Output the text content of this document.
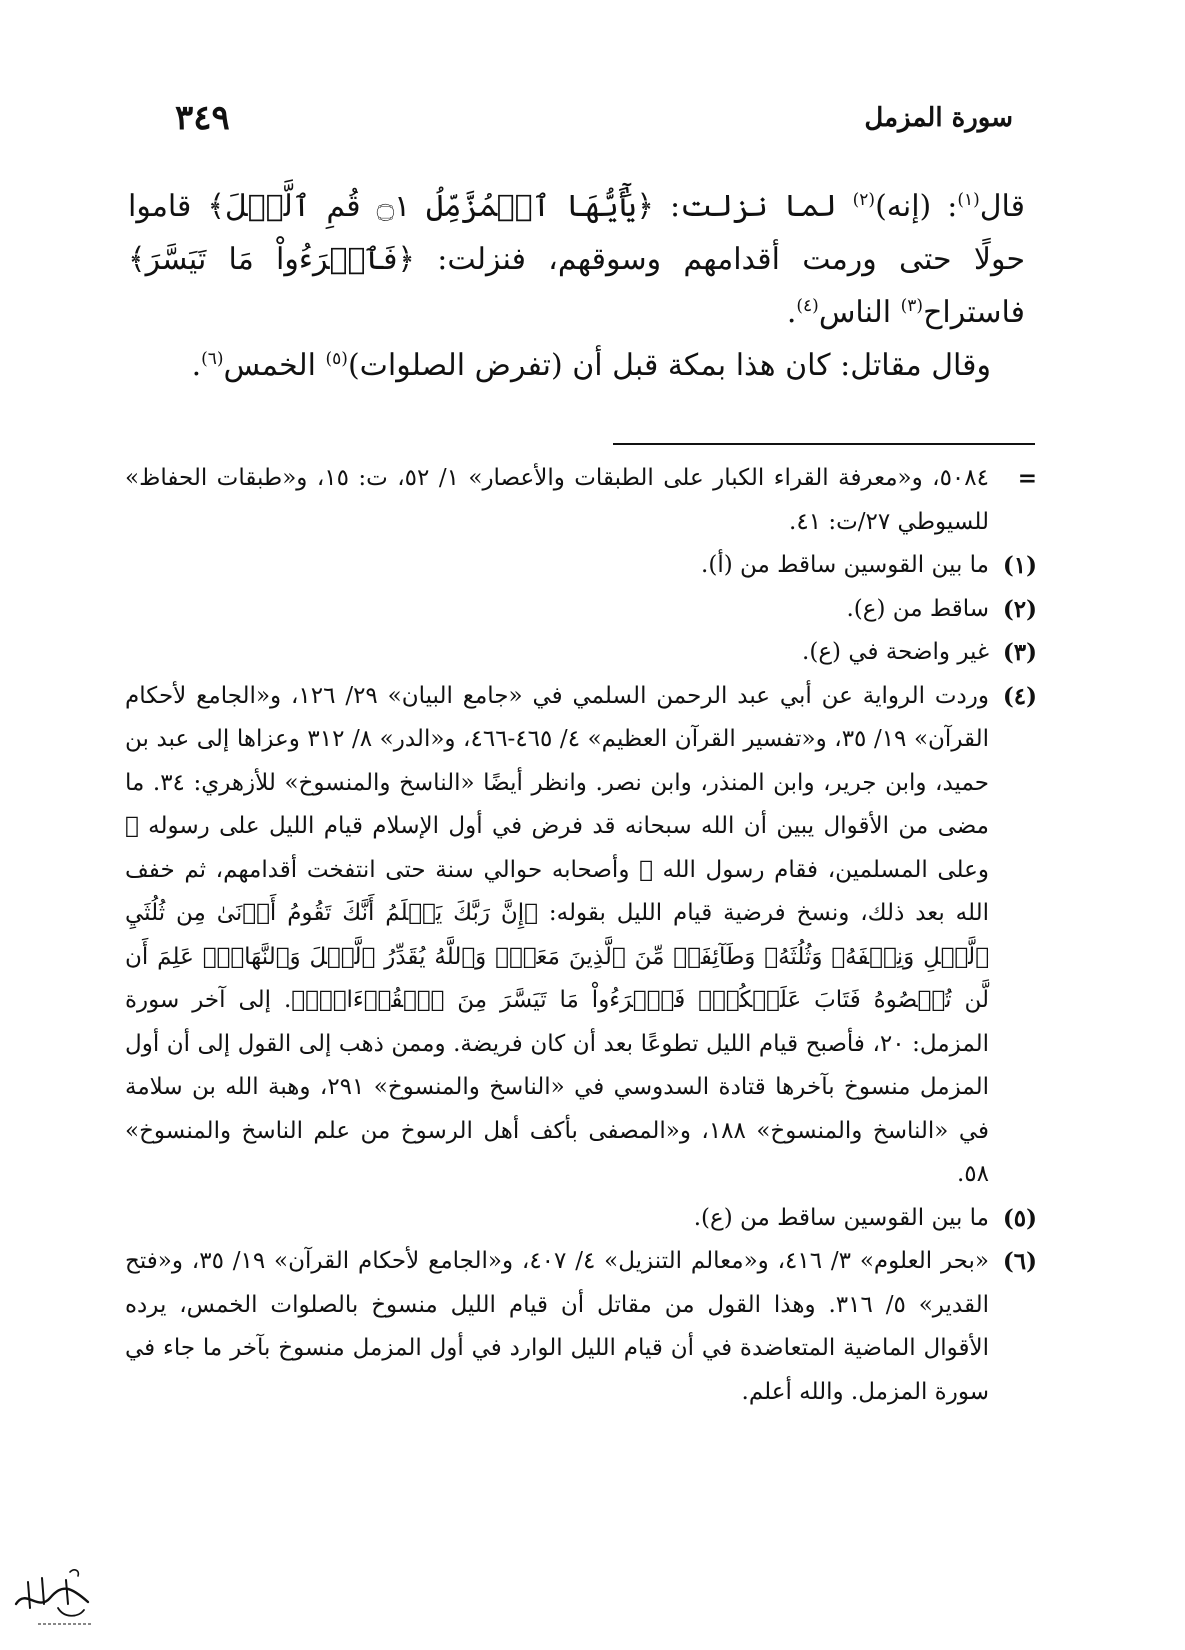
سورة المزمل
٣٤٩

قال$^{(١)}$: (إنه)$^{(٢)}$ لما نزلت: ﴿يَٰٓأَيُّهَا ٱلۡمُزَّمِّلُ ۝١ قُمِ ٱلَّيۡلَ﴾ قاموا حولًا حتى ورمت أقدامهم وسوقهم، فنزلت: ﴿فَٱقۡرَءُواْ مَا تَيَسَّرَ﴾ فاستراح$^{(٣)}$ الناس$^{(٤)}$.

وقال مقاتل: كان هذا بمكة قبل أن (تفرض الصلوات)$^{(٥)}$ الخمس$^{(٦)}$.

=
٥٠٨٤، و«معرفة القراء الكبار على الطبقات والأعصار» ١/ ٥٢، ت: ١٥، و«طبقات الحفاظ» للسيوطي ٢٧/ت: ٤١.

(١)
ما بين القوسين ساقط من (أ).

(٢)
ساقط من (ع).

(٣)
غير واضحة في (ع).

(٤)
وردت الرواية عن أبي عبد الرحمن السلمي في «جامع البيان» ٢٩/ ١٢٦، و«الجامع لأحكام القرآن» ١٩/ ٣٥، و«تفسير القرآن العظيم» ٤/ ٤٦٥-٤٦٦، و«الدر» ٨/ ٣١٢ وعزاها إلى عبد بن حميد، وابن جرير، وابن المنذر، وابن نصر. وانظر أيضًا «الناسخ والمنسوخ» للأزهري: ٣٤. ما مضى من الأقوال يبين أن الله سبحانه قد فرض في أول الإسلام قيام الليل على رسوله ﷺ وعلى المسلمين، فقام رسول الله ﷺ وأصحابه حوالي سنة حتى انتفخت أقدامهم، ثم خفف الله بعد ذلك، ونسخ فرضية قيام الليل بقوله: ﴿إِنَّ رَبَّكَ يَعۡلَمُ أَنَّكَ تَقُومُ أَدۡنَىٰ مِن ثُلُثَيِ ٱلَّيۡلِ وَنِصۡفَهُۥ وَثُلُثَهُۥ وَطَآئِفَةٞ مِّنَ ٱلَّذِينَ مَعَكَۚ وَٱللَّهُ يُقَدِّرُ ٱلَّيۡلَ وَٱلنَّهَارَۚ عَلِمَ أَن لَّن تُحۡصُوهُ فَتَابَ عَلَيۡكُمۡۖ فَٱقۡرَءُواْ مَا تَيَسَّرَ مِنَ ٱلۡقُرۡءَانِۚ﴾. إلى آخر سورة المزمل: ٢٠، فأصبح قيام الليل تطوعًا بعد أن كان فريضة. وممن ذهب إلى القول إلى أن أول المزمل منسوخ بآخرها قتادة السدوسي في «الناسخ والمنسوخ» ٢٩١، وهبة الله بن سلامة في «الناسخ والمنسوخ» ١٨٨، و«المصفى بأكف أهل الرسوخ من علم الناسخ والمنسوخ» ٥٨.

(٥)
ما بين القوسين ساقط من (ع).

(٦)
«بحر العلوم» ٣/ ٤١٦، و«معالم التنزيل» ٤/ ٤٠٧، و«الجامع لأحكام القرآن» ١٩/ ٣٥، و«فتح القدير» ٥/ ٣١٦. وهذا القول من مقاتل أن قيام الليل منسوخ بالصلوات الخمس، يرده الأقوال الماضية المتعاضدة في أن قيام الليل الوارد في أول المزمل منسوخ بآخر ما جاء في سورة المزمل. والله أعلم.
